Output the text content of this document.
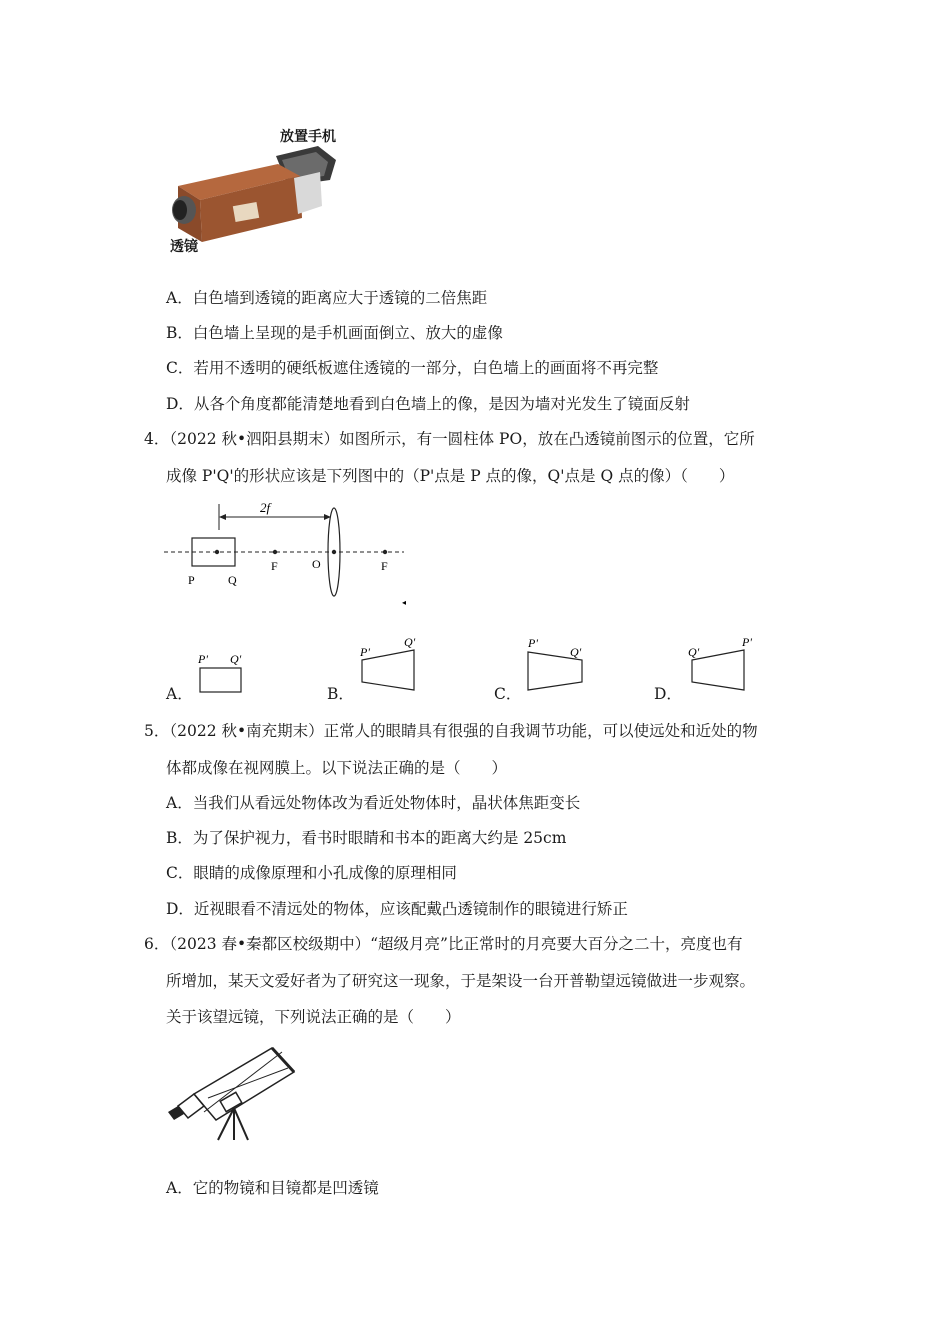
放置手机
透镜
A．白色墙到透镜的距离应大于透镜的二倍焦距
B．白色墙上呈现的是手机画面倒立、放大的虚像
C．若用不透明的硬纸板遮住透镜的一部分，白色墙上的画面将不再完整
D．从各个角度都能清楚地看到白色墙上的像，是因为墙对光发生了镜面反射
4．（2022 秋•泗阳县期末）如图所示，有一圆柱体 PO，放在凸透镜前图示的位置，它所
成像 P'Q'的形状应该是下列图中的（P'点是 P 点的像，Q'点是 Q 点的像）（　　）
2f
P	Q
F	O	F
◂
A．
P' Q'
B．
P'
Q'
C．
P'
Q'
D．
Q'
P'
5．（2022 秋•南充期末）正常人的眼睛具有很强的自我调节功能，可以使远处和近处的物
体都成像在视网膜上。以下说法正确的是（　　）
A．当我们从看远处物体改为看近处物体时，晶状体焦距变长
B．为了保护视力，看书时眼睛和书本的距离大约是 25cm
C．眼睛的成像原理和小孔成像的原理相同
D．近视眼看不清远处的物体，应该配戴凸透镜制作的眼镜进行矫正
6．（2023 春•秦都区校级期中）“超级月亮”比正常时的月亮要大百分之二十，亮度也有
所增加，某天文爱好者为了研究这一现象，于是架设一台开普勒望远镜做进一步观察。
关于该望远镜，下列说法正确的是（　　）
A．它的物镜和目镜都是凹透镜
